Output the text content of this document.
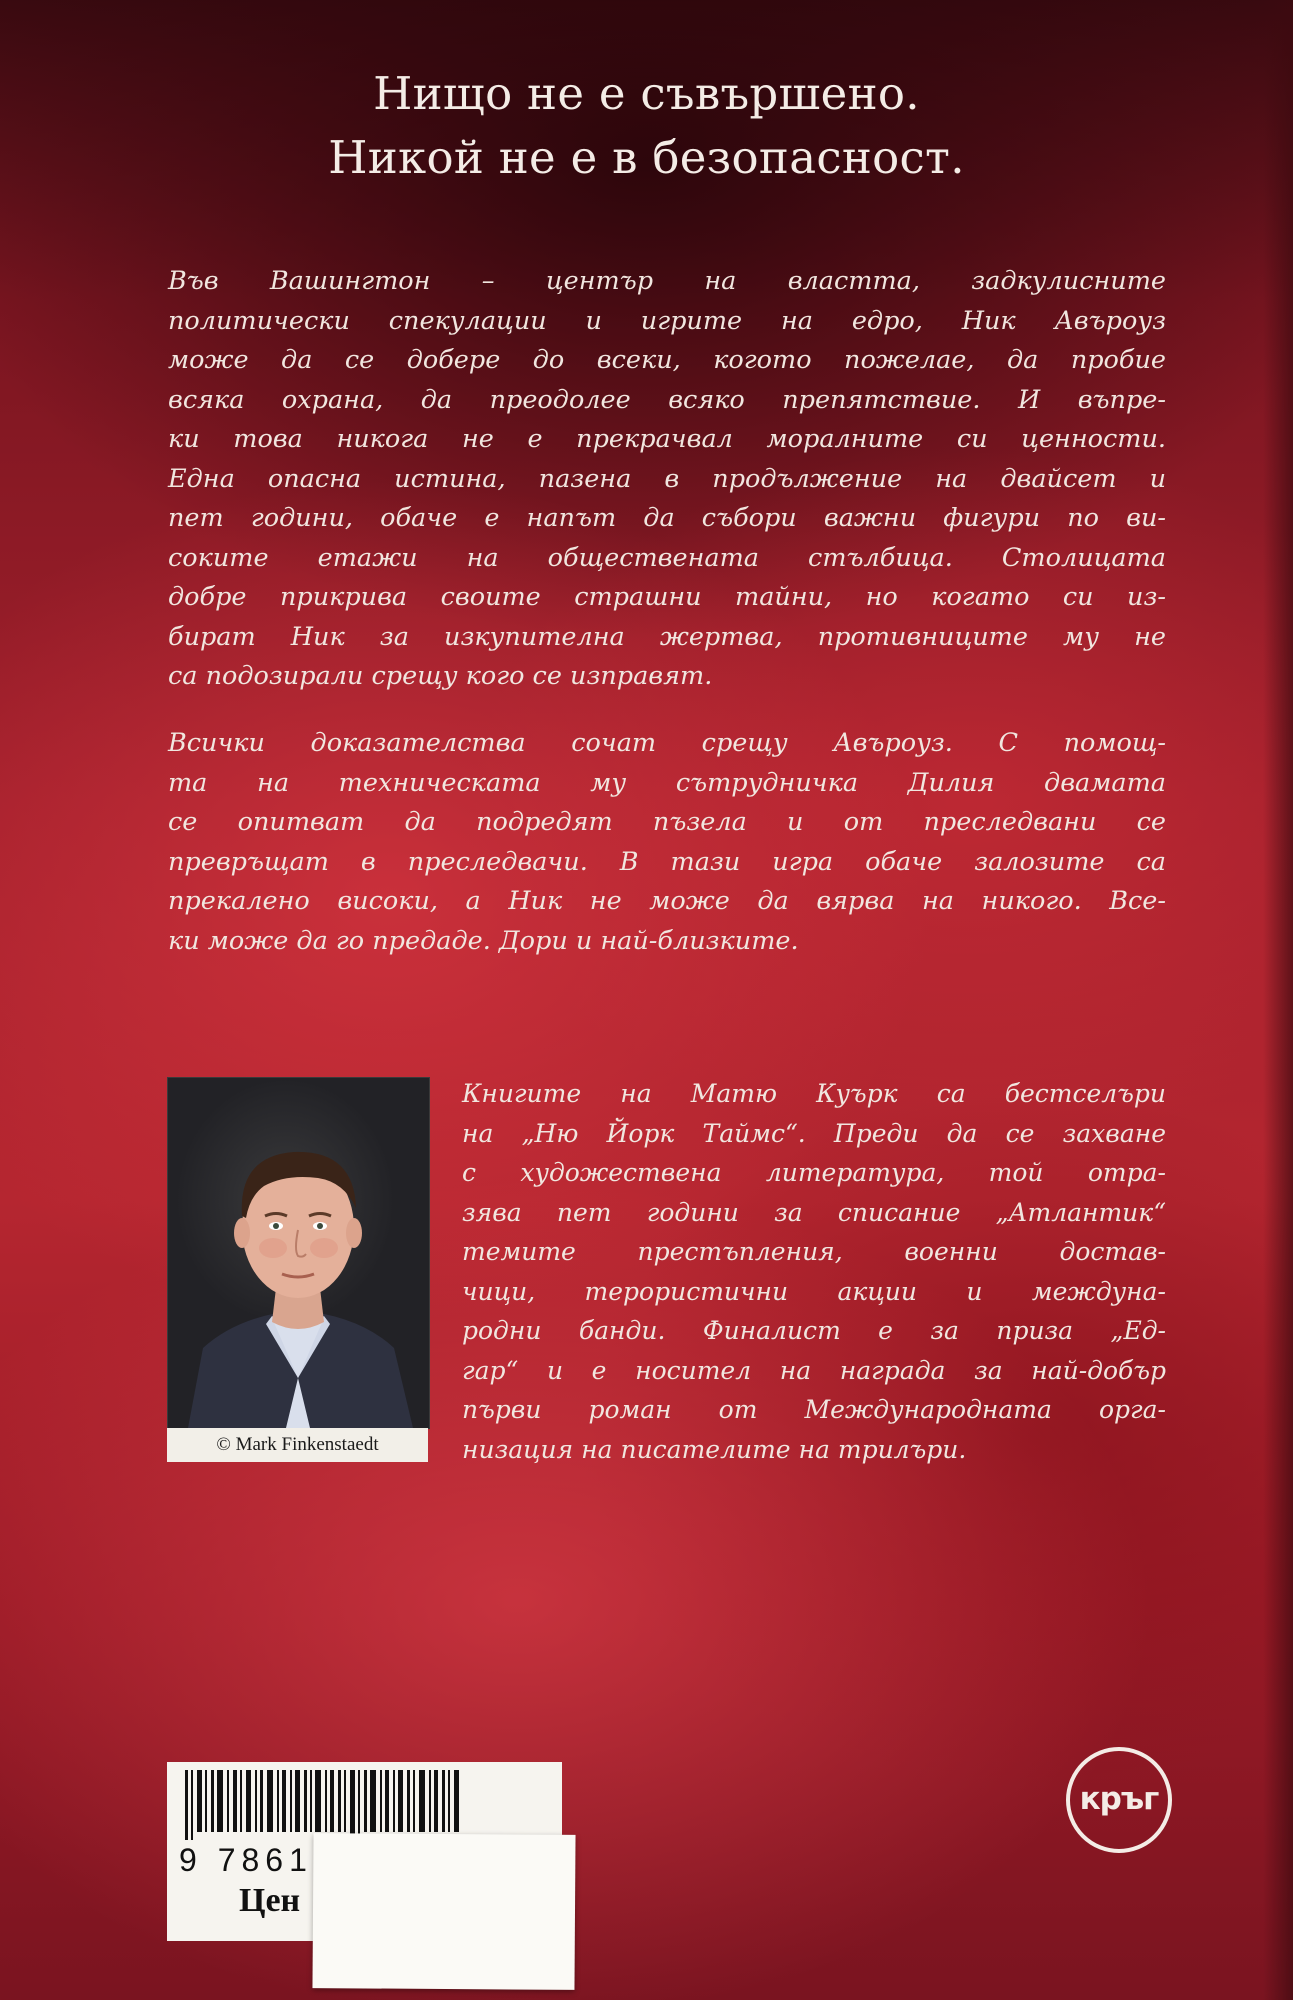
Нищо не е съвършено.
Никой не е в безопасност.
Във Вашингтон – център на властта, задкулисните
политически спекулации и игрите на едро, Ник Авъроуз
може да се добере до всеки, когото пожелае, да пробие
всяка охрана, да преодолее всяко препятствие. И въпре-
ки това никога не е прекрачвал моралните си ценности.
Една опасна истина, пазена в продължение на двайсет и
пет години, обаче е напът да събори важни фигури по ви-
соките етажи на обществената стълбица. Столицата
добре прикрива своите страшни тайни, но когато си из-
бират Ник за изкупителна жертва, противниците му не
са подозирали срещу кого се изправят.
Всички доказателства сочат срещу Авъроуз. С помощ-
та на техническата му сътрудничка Дилия двамата
се опитват да подредят пъзела и от преследвани се
превръщат в преследвачи. В тази игра обаче залозите са
прекалено високи, а Ник не може да вярва на никого. Все-
ки може да го предаде. Дори и най-близките.
© Mark Finkenstaedt
Книгите на Матю Куърк са бестселъри
на „Ню Йорк Таймс“. Преди да се захване
с художествена литература, той отра-
зява пет години за списание „Атлантик“
темите престъпления, военни достав-
чици, терористични акции и междуна-
родни банди. Финалист е за приза „Ед-
гар“ и е носител на награда за най-добър
първи роман от Международната орга-
низация на писателите на трилъри.
9 7861
Цен
кръг
